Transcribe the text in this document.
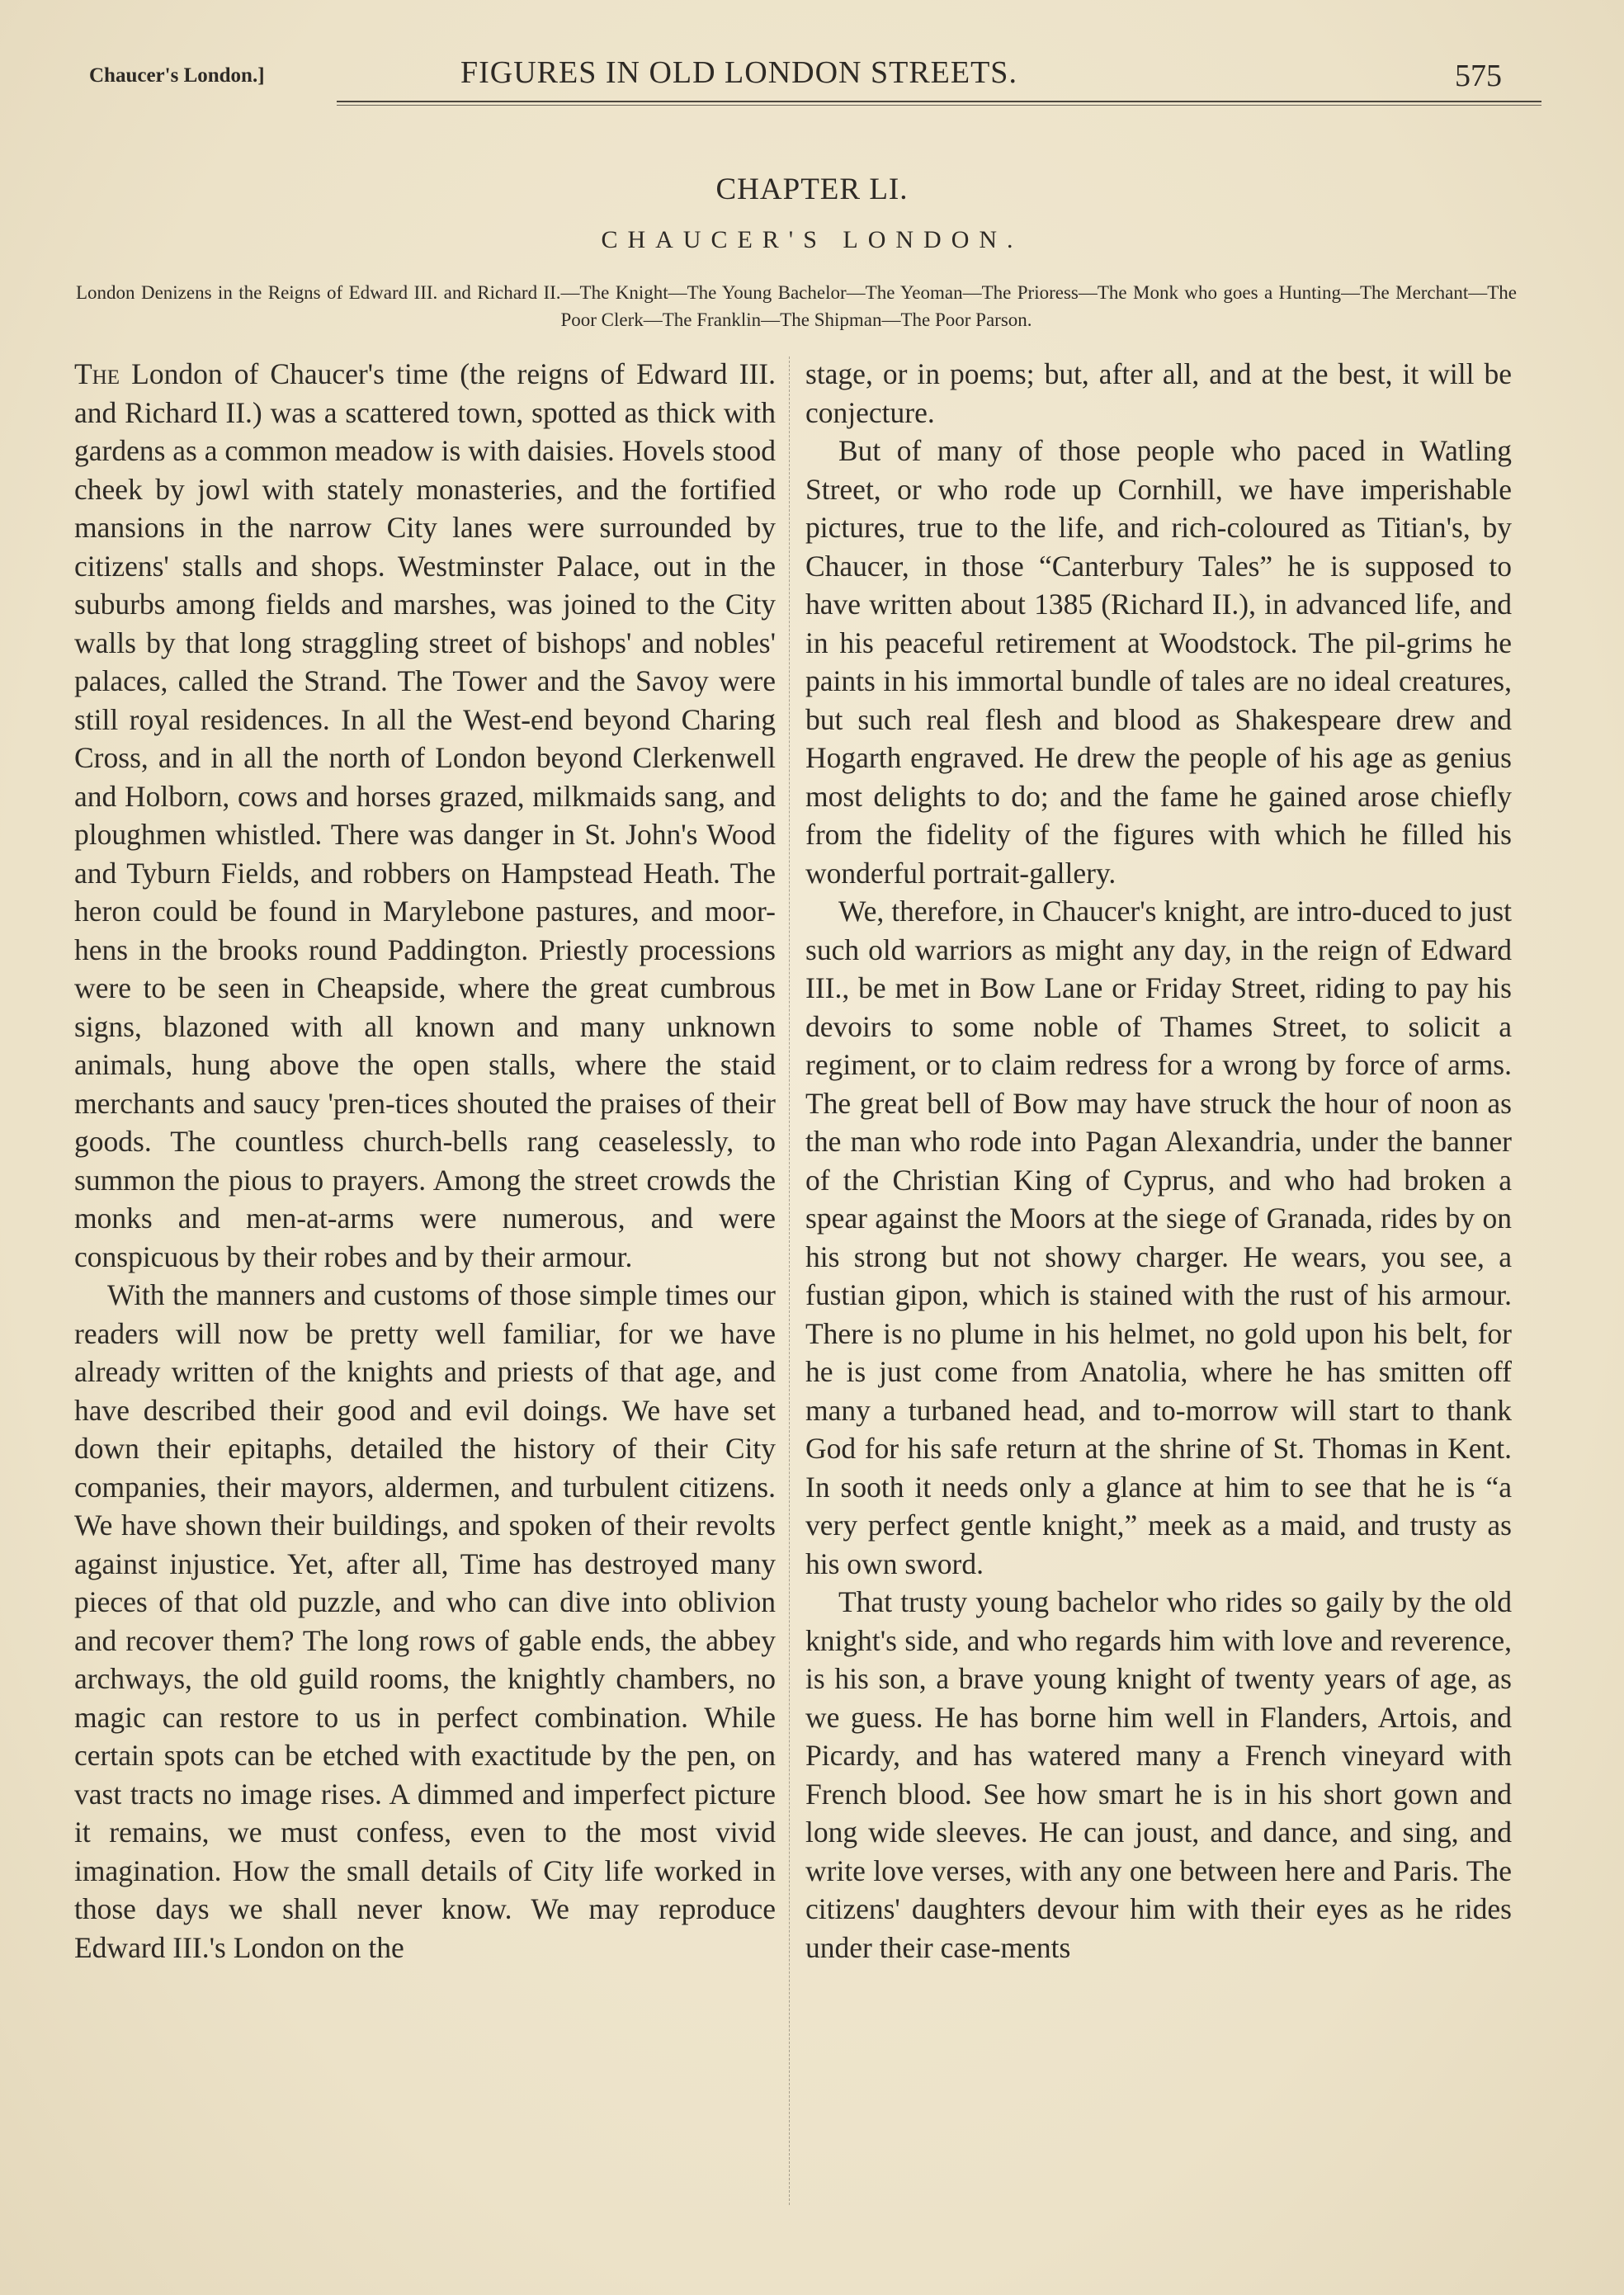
Chaucer's London.]	FIGURES IN OLD LONDON STREETS.	575
CHAPTER LI.
CHAUCER'S LONDON.
London Denizens in the Reigns of Edward III. and Richard II.—The Knight—The Young Bachelor—The Yeoman—The Prioress—The Monk who goes a Hunting—The Merchant—The Poor Clerk—The Franklin—The Shipman—The Poor Parson.

The London of Chaucer's time (the reigns of Edward III. and Richard II.) was a scattered town, spotted as thick with gardens as a common meadow is with daisies. Hovels stood cheek by jowl with stately monasteries, and the fortified mansions in the narrow City lanes were surrounded by citizens' stalls and shops. Westminster Palace, out in the suburbs among fields and marshes, was joined to the City walls by that long straggling street of bishops' and nobles' palaces, called the Strand. The Tower and the Savoy were still royal residences. In all the West-end beyond Charing Cross, and in all the north of London beyond Clerkenwell and Holborn, cows and horses grazed, milkmaids sang, and ploughmen whistled. There was danger in St. John's Wood and Tyburn Fields, and robbers on Hampstead Heath. The heron could be found in Marylebone pastures, and moor-hens in the brooks round Paddington. Priestly processions were to be seen in Cheapside, where the great cumbrous signs, blazoned with all known and many unknown animals, hung above the open stalls, where the staid merchants and saucy 'pren-tices shouted the praises of their goods. The countless church-bells rang ceaselessly, to summon the pious to prayers. Among the street crowds the monks and men-at-arms were numerous, and were conspicuous by their robes and by their armour.

With the manners and customs of those simple times our readers will now be pretty well familiar, for we have already written of the knights and priests of that age, and have described their good and evil doings. We have set down their epitaphs, detailed the history of their City companies, their mayors, aldermen, and turbulent citizens. We have shown their buildings, and spoken of their revolts against injustice. Yet, after all, Time has destroyed many pieces of that old puzzle, and who can dive into oblivion and recover them? The long rows of gable ends, the abbey archways, the old guild rooms, the knightly chambers, no magic can restore to us in perfect combination. While certain spots can be etched with exactitude by the pen, on vast tracts no image rises. A dimmed and imperfect picture it remains, we must confess, even to the most vivid imagination. How the small details of City life worked in those days we shall never know. We may reproduce Edward III.'s London on the

stage, or in poems; but, after all, and at the best, it will be conjecture.

But of many of those people who paced in Watling Street, or who rode up Cornhill, we have imperishable pictures, true to the life, and rich-coloured as Titian's, by Chaucer, in those “Canterbury Tales” he is supposed to have written about 1385 (Richard II.), in advanced life, and in his peaceful retirement at Woodstock. The pil-grims he paints in his immortal bundle of tales are no ideal creatures, but such real flesh and blood as Shakespeare drew and Hogarth engraved. He drew the people of his age as genius most delights to do; and the fame he gained arose chiefly from the fidelity of the figures with which he filled his wonderful portrait-gallery.

We, therefore, in Chaucer's knight, are intro-duced to just such old warriors as might any day, in the reign of Edward III., be met in Bow Lane or Friday Street, riding to pay his devoirs to some noble of Thames Street, to solicit a regiment, or to claim redress for a wrong by force of arms. The great bell of Bow may have struck the hour of noon as the man who rode into Pagan Alexandria, under the banner of the Christian King of Cyprus, and who had broken a spear against the Moors at the siege of Granada, rides by on his strong but not showy charger. He wears, you see, a fustian gipon, which is stained with the rust of his armour. There is no plume in his helmet, no gold upon his belt, for he is just come from Anatolia, where he has smitten off many a turbaned head, and to-morrow will start to thank God for his safe return at the shrine of St. Thomas in Kent. In sooth it needs only a glance at him to see that he is “a very perfect gentle knight,” meek as a maid, and trusty as his own sword.

That trusty young bachelor who rides so gaily by the old knight's side, and who regards him with love and reverence, is his son, a brave young knight of twenty years of age, as we guess. He has borne him well in Flanders, Artois, and Picardy, and has watered many a French vineyard with French blood. See how smart he is in his short gown and long wide sleeves. He can joust, and dance, and sing, and write love verses, with any one between here and Paris. The citizens' daughters devour him with their eyes as he rides under their case-ments
